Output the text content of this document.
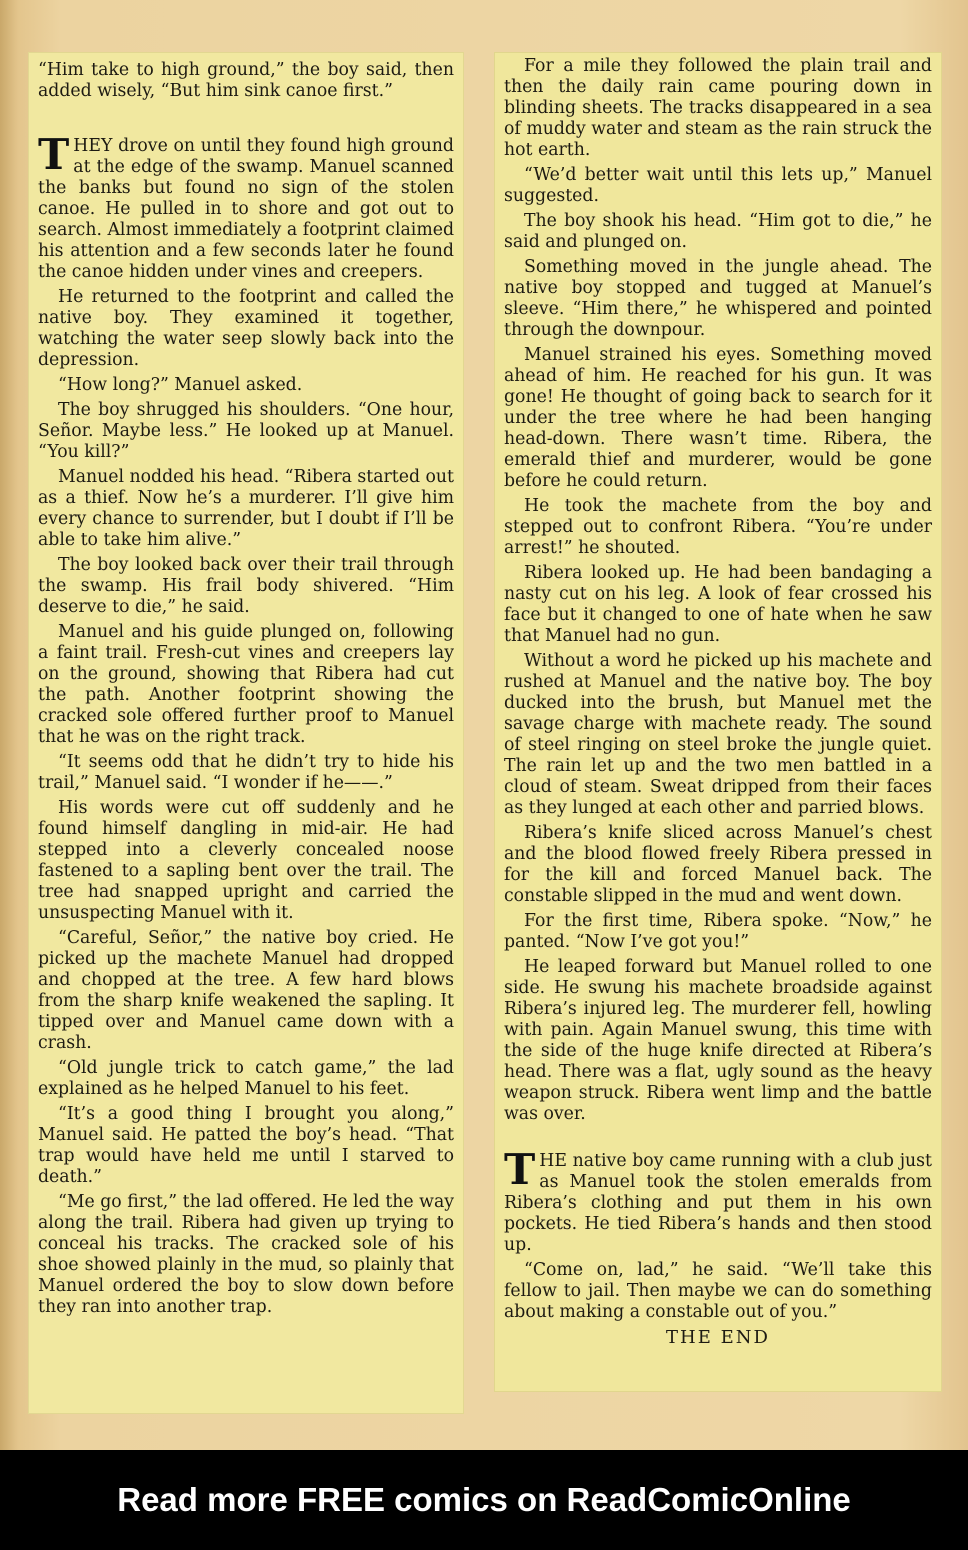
“Him take to high ground,” the boy said, then added wisely, “But him sink canoe first.”

THEY drove on until they found high ground at the edge of the swamp. Manuel scanned the banks but found no sign of the stolen canoe. He pulled in to shore and got out to search. Almost immediately a footprint claimed his attention and a few seconds later he found the canoe hidden under vines and creepers.

He returned to the footprint and called the native boy. They examined it together, watching the water seep slowly back into the depression.

“How long?” Manuel asked.

The boy shrugged his shoulders. “One hour, Señor. Maybe less.” He looked up at Manuel. “You kill?”

Manuel nodded his head. “Ribera started out as a thief. Now he’s a murderer. I’ll give him every chance to surrender, but I doubt if I’ll be able to take him alive.”

The boy looked back over their trail through the swamp. His frail body shivered. “Him deserve to die,” he said.

Manuel and his guide plunged on, following a faint trail. Fresh-cut vines and creepers lay on the ground, showing that Ribera had cut the path. Another footprint showing the cracked sole offered further proof to Manuel that he was on the right track.

“It seems odd that he didn’t try to hide his trail,” Manuel said. “I wonder if he——.”

His words were cut off suddenly and he found himself dangling in mid-air. He had stepped into a cleverly concealed noose fastened to a sapling bent over the trail. The tree had snapped upright and carried the unsuspecting Manuel with it.

“Careful, Señor,” the native boy cried. He picked up the machete Manuel had dropped and chopped at the tree. A few hard blows from the sharp knife weakened the sapling. It tipped over and Manuel came down with a crash.

“Old jungle trick to catch game,” the lad explained as he helped Manuel to his feet.

“It’s a good thing I brought you along,” Manuel said. He patted the boy’s head. “That trap would have held me until I starved to death.”

“Me go first,” the lad offered. He led the way along the trail. Ribera had given up trying to conceal his tracks. The cracked sole of his shoe showed plainly in the mud, so plainly that Manuel ordered the boy to slow down before they ran into another trap.

For a mile they followed the plain trail and then the daily rain came pouring down in blinding sheets. The tracks disappeared in a sea of muddy water and steam as the rain struck the hot earth.

“We’d better wait until this lets up,” Manuel suggested.

The boy shook his head. “Him got to die,” he said and plunged on.

Something moved in the jungle ahead. The native boy stopped and tugged at Manuel’s sleeve. “Him there,” he whispered and pointed through the downpour.

Manuel strained his eyes. Something moved ahead of him. He reached for his gun. It was gone! He thought of going back to search for it under the tree where he had been hanging head-down. There wasn’t time. Ribera, the emerald thief and murderer, would be gone before he could return.

He took the machete from the boy and stepped out to confront Ribera. “You’re under arrest!” he shouted.

Ribera looked up. He had been bandaging a nasty cut on his leg. A look of fear crossed his face but it changed to one of hate when he saw that Manuel had no gun.

Without a word he picked up his machete and rushed at Manuel and the native boy. The boy ducked into the brush, but Manuel met the savage charge with machete ready. The sound of steel ringing on steel broke the jungle quiet. The rain let up and the two men battled in a cloud of steam. Sweat dripped from their faces as they lunged at each other and parried blows.

Ribera’s knife sliced across Manuel’s chest and the blood flowed freely Ribera pressed in for the kill and forced Manuel back. The constable slipped in the mud and went down.

For the first time, Ribera spoke. “Now,” he panted. “Now I’ve got you!”

He leaped forward but Manuel rolled to one side. He swung his machete broadside against Ribera’s injured leg. The murderer fell, howling with pain. Again Manuel swung, this time with the side of the huge knife directed at Ribera’s head. There was a flat, ugly sound as the heavy weapon struck. Ribera went limp and the battle was over.

THE native boy came running with a club just as Manuel took the stolen emeralds from Ribera’s clothing and put them in his own pockets. He tied Ribera’s hands and then stood up.

“Come on, lad,” he said. “We’ll take this fellow to jail. Then maybe we can do something about making a constable out of you.”

THE END

Read more FREE comics on ReadComicOnline
